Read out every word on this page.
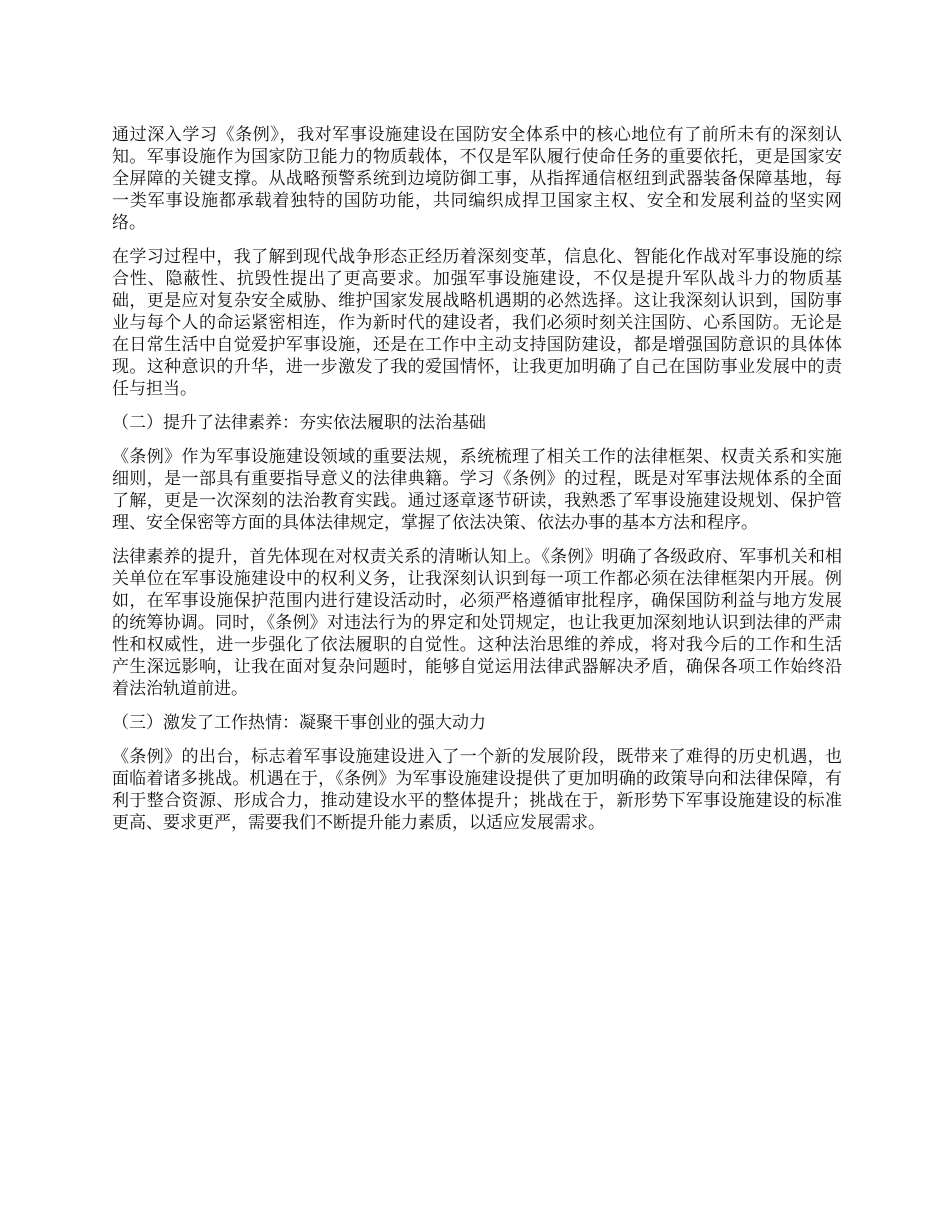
通过深入学习《条例》，我对军事设施建设在国防安全体系中的核心地位有了前所未有的深刻认知。军事设施作为国家防卫能力的物质载体，不仅是军队履行使命任务的重要依托，更是国家安全屏障的关键支撑。从战略预警系统到边境防御工事，从指挥通信枢纽到武器装备保障基地，每一类军事设施都承载着独特的国防功能，共同编织成捍卫国家主权、安全和发展利益的坚实网络。

在学习过程中，我了解到现代战争形态正经历着深刻变革，信息化、智能化作战对军事设施的综合性、隐蔽性、抗毁性提出了更高要求。加强军事设施建设，不仅是提升军队战斗力的物质基础，更是应对复杂安全威胁、维护国家发展战略机遇期的必然选择。这让我深刻认识到，国防事业与每个人的命运紧密相连，作为新时代的建设者，我们必须时刻关注国防、心系国防。无论是在日常生活中自觉爱护军事设施，还是在工作中主动支持国防建设，都是增强国防意识的具体体现。这种意识的升华，进一步激发了我的爱国情怀，让我更加明确了自己在国防事业发展中的责任与担当。

（二）提升了法律素养：夯实依法履职的法治基础

《条例》作为军事设施建设领域的重要法规，系统梳理了相关工作的法律框架、权责关系和实施细则，是一部具有重要指导意义的法律典籍。学习《条例》的过程，既是对军事法规体系的全面了解，更是一次深刻的法治教育实践。通过逐章逐节研读，我熟悉了军事设施建设规划、保护管理、安全保密等方面的具体法律规定，掌握了依法决策、依法办事的基本方法和程序。

法律素养的提升，首先体现在对权责关系的清晰认知上。《条例》明确了各级政府、军事机关和相关单位在军事设施建设中的权利义务，让我深刻认识到每一项工作都必须在法律框架内开展。例如，在军事设施保护范围内进行建设活动时，必须严格遵循审批程序，确保国防利益与地方发展的统筹协调。同时，《条例》对违法行为的界定和处罚规定，也让我更加深刻地认识到法律的严肃性和权威性，进一步强化了依法履职的自觉性。这种法治思维的养成，将对我今后的工作和生活产生深远影响，让我在面对复杂问题时，能够自觉运用法律武器解决矛盾，确保各项工作始终沿着法治轨道前进。

（三）激发了工作热情：凝聚干事创业的强大动力

《条例》的出台，标志着军事设施建设进入了一个新的发展阶段，既带来了难得的历史机遇，也面临着诸多挑战。机遇在于，《条例》为军事设施建设提供了更加明确的政策导向和法律保障，有利于整合资源、形成合力，推动建设水平的整体提升；挑战在于，新形势下军事设施建设的标准更高、要求更严，需要我们不断提升能力素质，以适应发展需求。
